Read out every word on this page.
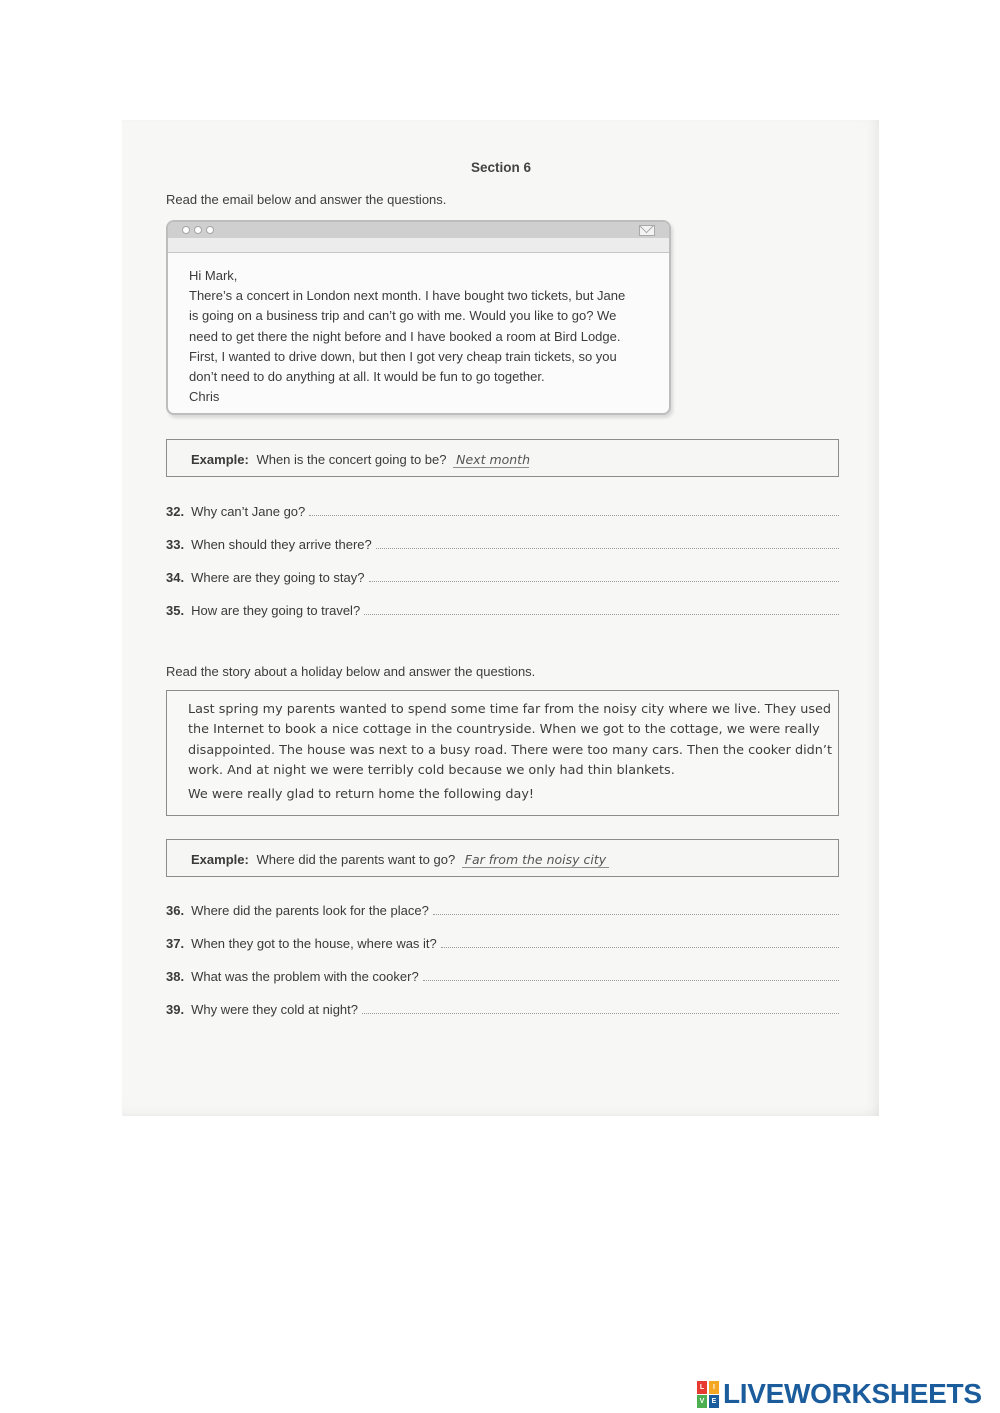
Section 6
Read the email below and answer the questions.
Hi Mark,
There’s a concert in London next month. I have bought two tickets, but Jane
is going on a business trip and can’t go with me. Would you like to go? We
need to get there the night before and I have booked a room at Bird Lodge.
First, I wanted to drive down, but then I got very cheap train tickets, so you
don’t need to do anything at all. It would be fun to go together.
Chris
Example: When is the concert going to be? Next month
32. Why can’t Jane go?
33. When should they arrive there?
34. Where are they going to stay?
35. How are they going to travel?
Read the story about a holiday below and answer the questions.
Last spring my parents wanted to spend some time far from the noisy city where we live. They used
the Internet to book a nice cottage in the countryside. When we got to the cottage, we were really
disappointed. The house was next to a busy road. There were too many cars. Then the cooker didn’t
work. And at night we were terribly cold because we only had thin blankets.
We were really glad to return home the following day!
Example: Where did the parents want to go? Far from the noisy city
36. Where did the parents look for the place?
37. When they got to the house, where was it?
38. What was the problem with the cooker?
39. Why were they cold at night?
L	I
V	E LIVEWORKSHEETS
